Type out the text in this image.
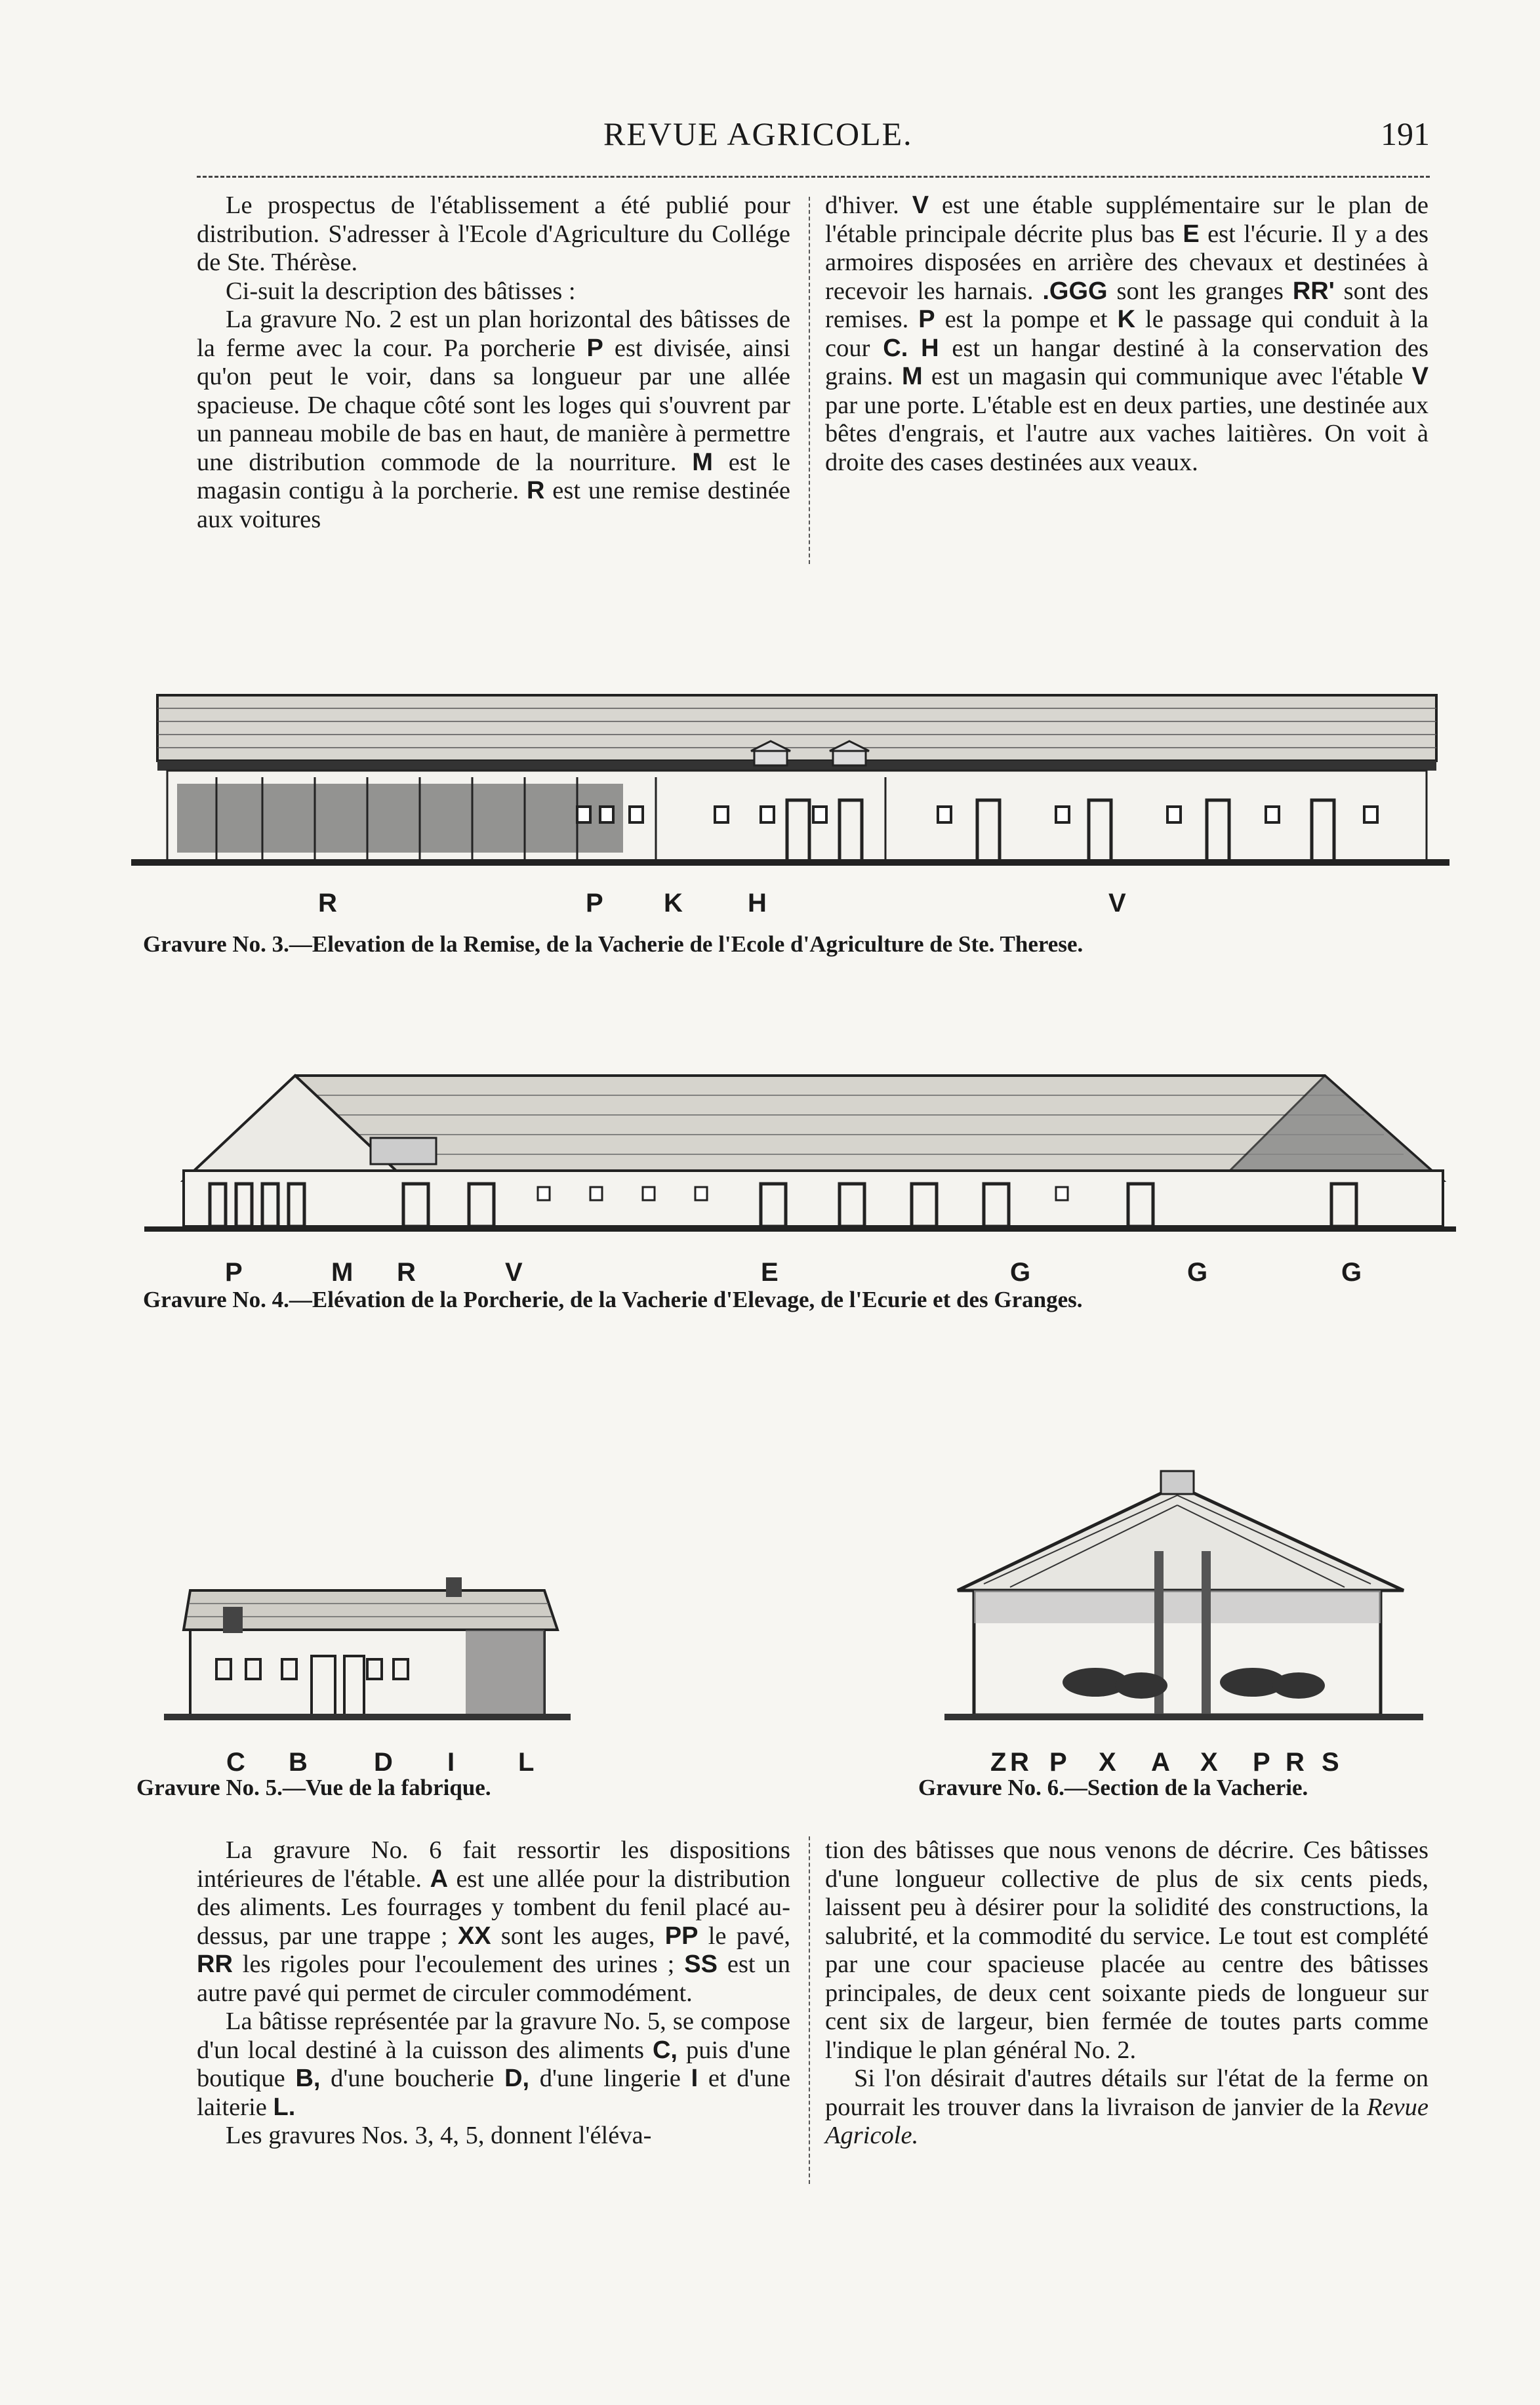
REVUE AGRICOLE.	191

Le prospectus de l'établissement a été publié pour distribution. S'adresser à l'Ecole d'Agriculture du Collége de Ste. Thérèse.

Ci-suit la description des bâtisses :

La gravure No. 2 est un plan horizontal des bâtisses de la ferme avec la cour. Pa porcherie P est divisée, ainsi qu'on peut le voir, dans sa longueur par une allée spacieuse. De chaque côté sont les loges qui s'ouvrent par un panneau mobile de bas en haut, de manière à permettre une distribution commode de la nourriture. M est le magasin contigu à la porcherie. R est une remise destinée aux voitures

d'hiver. V est une étable supplémentaire sur le plan de l'étable principale décrite plus bas E est l'écurie. Il y a des armoires disposées en arrière des chevaux et destinées à recevoir les harnais. .GGG sont les granges RR' sont des remises. P est la pompe et K le passage qui conduit à la cour C. H est un hangar destiné à la conservation des grains. M est un magasin qui communique avec l'étable V par une porte. L'étable est en deux parties, une destinée aux bêtes d'engrais, et l'autre aux vaches laitières. On voit à droite des cases destinées aux veaux.

R	P K H	V
Gravure No. 3.—Elevation de la Remise, de la Vacherie de l'Ecole d'Agriculture de Ste. Therese.
P	M R	V	E	G	G	G
Gravure No. 4.—Elévation de la Porcherie, de la Vacherie d'Elevage, de l'Ecurie et des Granges.
C B	D I L
Gravure No. 5.—Vue de la fabrique.
Z R P X A X P R S
Gravure No. 6.—Section de la Vacherie.

La gravure No. 6 fait ressortir les dispositions intérieures de l'étable. A est une allée pour la distribution des aliments. Les fourrages y tombent du fenil placé au-dessus, par une trappe ; XX sont les auges, PP le pavé, RR les rigoles pour l'ecoulement des urines ; SS est un autre pavé qui permet de circuler commodément.

La bâtisse représentée par la gravure No. 5, se compose d'un local destiné à la cuisson des aliments C, puis d'une boutique B, d'une boucherie D, d'une lingerie I et d'une laiterie L.

Les gravures Nos. 3, 4, 5, donnent l'éléva-

tion des bâtisses que nous venons de décrire. Ces bâtisses d'une longueur collective de plus de six cents pieds, laissent peu à désirer pour la solidité des constructions, la salubrité, et la commodité du service. Le tout est complété par une cour spacieuse placée au centre des bâtisses principales, de deux cent soixante pieds de longueur sur cent six de largeur, bien fermée de toutes parts comme l'indique le plan général No. 2.

Si l'on désirait d'autres détails sur l'état de la ferme on pourrait les trouver dans la livraison de janvier de la Revue Agricole.
